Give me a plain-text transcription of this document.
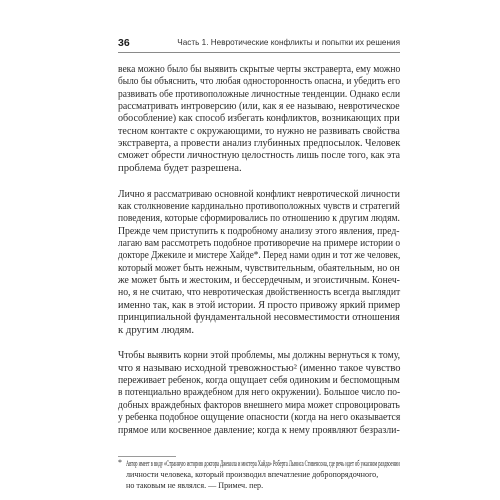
36	Часть 1. Невротические конфликты и попытки их решения
века можно было бы выявить скрытые черты экстраверта, ему можно
было бы объяснить, что любая односторонность опасна, и убедить его
развивать обе противоположные личностные тенденции. Однако если
рассматривать интроверсию (или, как я ее называю, невротическое
обособление) как способ избегать конфликтов, возникающих при
тесном контакте с окружающими, то нужно не развивать свойства
экстраверта, а провести анализ глубинных предпосылок. Человек
сможет обрести личностную целостность лишь после того, как эта
проблема будет разрешена.
Лично я рассматриваю основной конфликт невротической личности
как столкновение кардинально противоположных чувств и стратегий
поведения, которые сформировались по отношению к другим людям.
Прежде чем приступить к подробному анализу этого явления, пред-
лагаю вам рассмотреть подобное противоречие на примере истории о
докторе Джекиле и мистере Хайде*. Перед нами один и тот же человек,
который может быть нежным, чувствительным, обаятельным, но он
же может быть и жестоким, и бессердечным, и эгоистичным. Конеч-
но, я не считаю, что невротическая двойственность всегда выглядит
именно так, как в этой истории. Я просто привожу яркий пример
принципиальной фундаментальной несовместимости отношения
к другим людям.
Чтобы выявить корни этой проблемы, мы должны вернуться к тому,
что я называю исходной тревожностью² (именно такое чувство
переживает ребенок, когда ощущает себя одиноким и беспомощным
в потенциально враждебном для него окружении). Большое число по-
добных враждебных факторов внешнего мира может спровоцировать
у ребенка подобное ощущение опасности (когда на него оказывается
прямое или косвенное давление; когда к нему проявляют безразли-
* Автор имеет в виду «Странную историю доктора Джекила и мистера Хайда» Роберта Льюиса Стивенсона, где речь идет об ужасном раздвоении
личности человека, который производил впечатление добропорядочного,
но таковым не являлся. — Примеч. пер.
